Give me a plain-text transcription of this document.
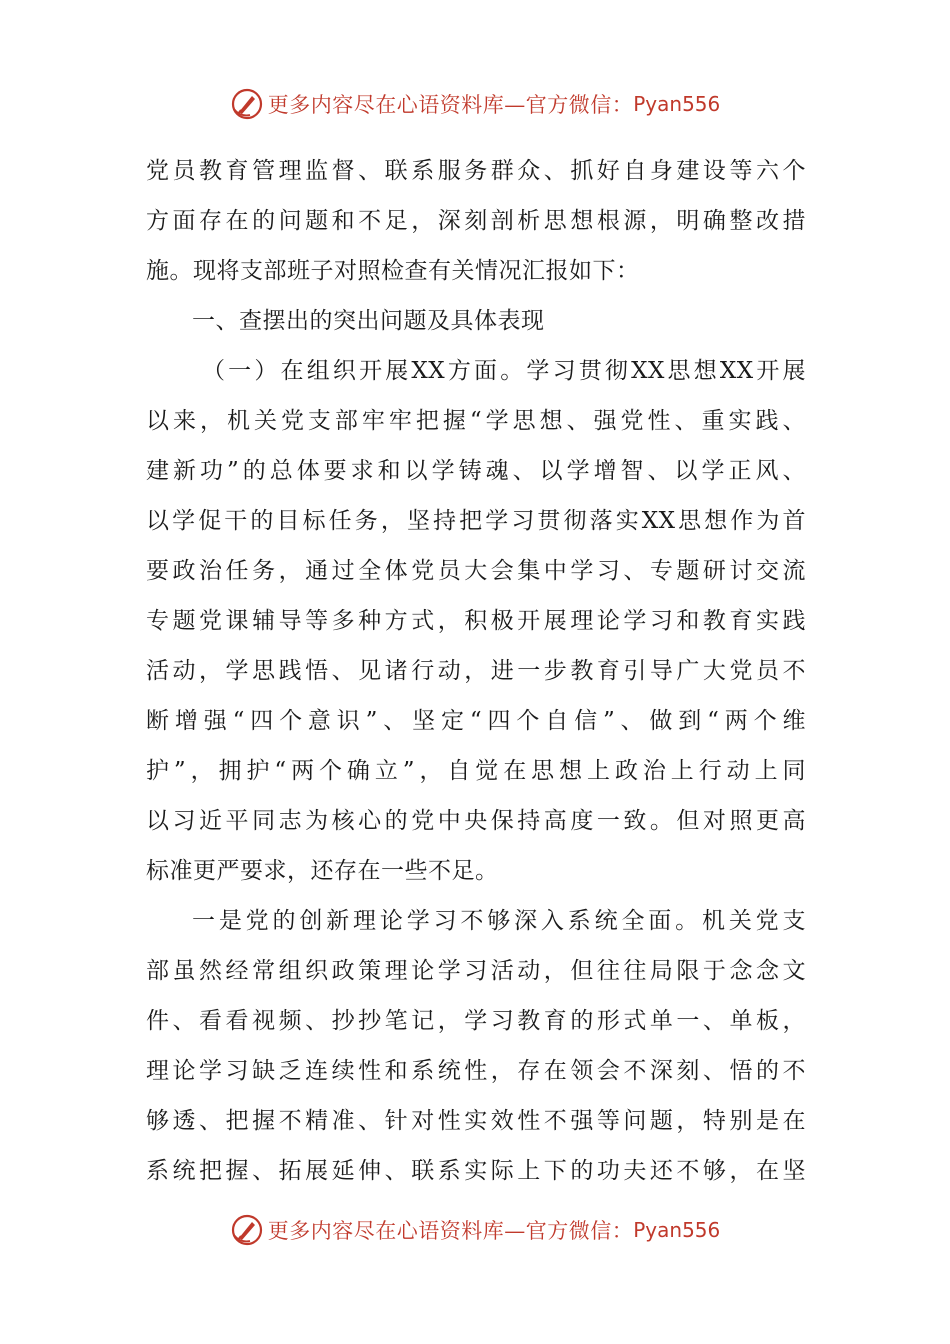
更多内容尽在心语资料库—官方微信： Pyan556
党员教育管理监督、联系服务群众、抓好自身建设等六个
方面存在的问题和不足，深刻剖析思想根源，明确整改措
施。现将支部班子对照检查有关情况汇报如下：
一、查摆出的突出问题及具体表现
（一）在组织开展XX方面。学习贯彻XX思想XX开展
以来，机关党支部牢牢把握“学思想、强党性、重实践、
建新功”的总体要求和以学铸魂、以学增智、以学正风、
以学促干的目标任务，坚持把学习贯彻落实XX思想作为首
要政治任务，通过全体党员大会集中学习、专题研讨交流
专题党课辅导等多种方式，积极开展理论学习和教育实践
活动，学思践悟、见诸行动，进一步教育引导广大党员不
断增强“四个意识”、坚定“四个自信”、做到“两个维
护”，拥护“两个确立”，自觉在思想上政治上行动上同
以习近平同志为核心的党中央保持高度一致。但对照更高
标准更严要求，还存在一些不足。
一是党的创新理论学习不够深入系统全面。机关党支
部虽然经常组织政策理论学习活动，但往往局限于念念文
件、看看视频、抄抄笔记，学习教育的形式单一、单板，
理论学习缺乏连续性和系统性，存在领会不深刻、悟的不
够透、把握不精准、针对性实效性不强等问题，特别是在
系统把握、拓展延伸、联系实际上下的功夫还不够，在坚
更多内容尽在心语资料库—官方微信： Pyan556
